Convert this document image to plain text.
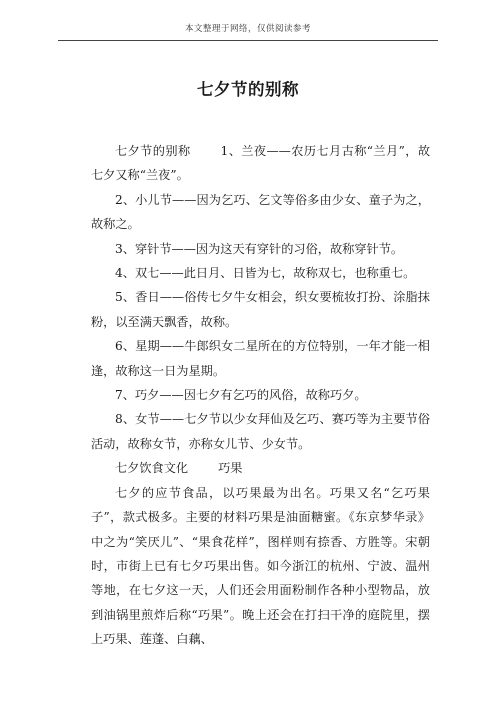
本文整理于网络，仅供阅读参考
七夕节的别称

七夕节的别称 1、兰夜——农历七月古称“兰月”，故七夕又称“兰夜”。

2、小儿节——因为乞巧、乞文等俗多由少女、童子为之，故称之。

3、穿针节——因为这天有穿针的习俗，故称穿针节。

4、双七——此日月、日皆为七，故称双七，也称重七。

5、香日——俗传七夕牛女相会，织女要梳妆打扮、涂脂抹粉，以至满天飘香，故称。

6、星期——牛郎织女二星所在的方位特别，一年才能一相逢，故称这一日为星期。

7、巧夕——因七夕有乞巧的风俗，故称巧夕。

8、女节——七夕节以少女拜仙及乞巧、赛巧等为主要节俗活动，故称女节，亦称女儿节、少女节。

七夕饮食文化 巧果

七夕的应节食品，以巧果最为出名。巧果又名“乞巧果子”，款式极多。主要的材料巧果是油面糖蜜。《东京梦华录》中之为“笑厌儿”、“果食花样”，图样则有捺香、方胜等。宋朝时，市街上已有七夕巧果出售。如今浙江的杭州、宁波、温州等地，在七夕这一天，人们还会用面粉制作各种小型物品，放到油锅里煎炸后称“巧果”。晚上还会在打扫干净的庭院里，摆上巧果、莲蓬、白藕、
